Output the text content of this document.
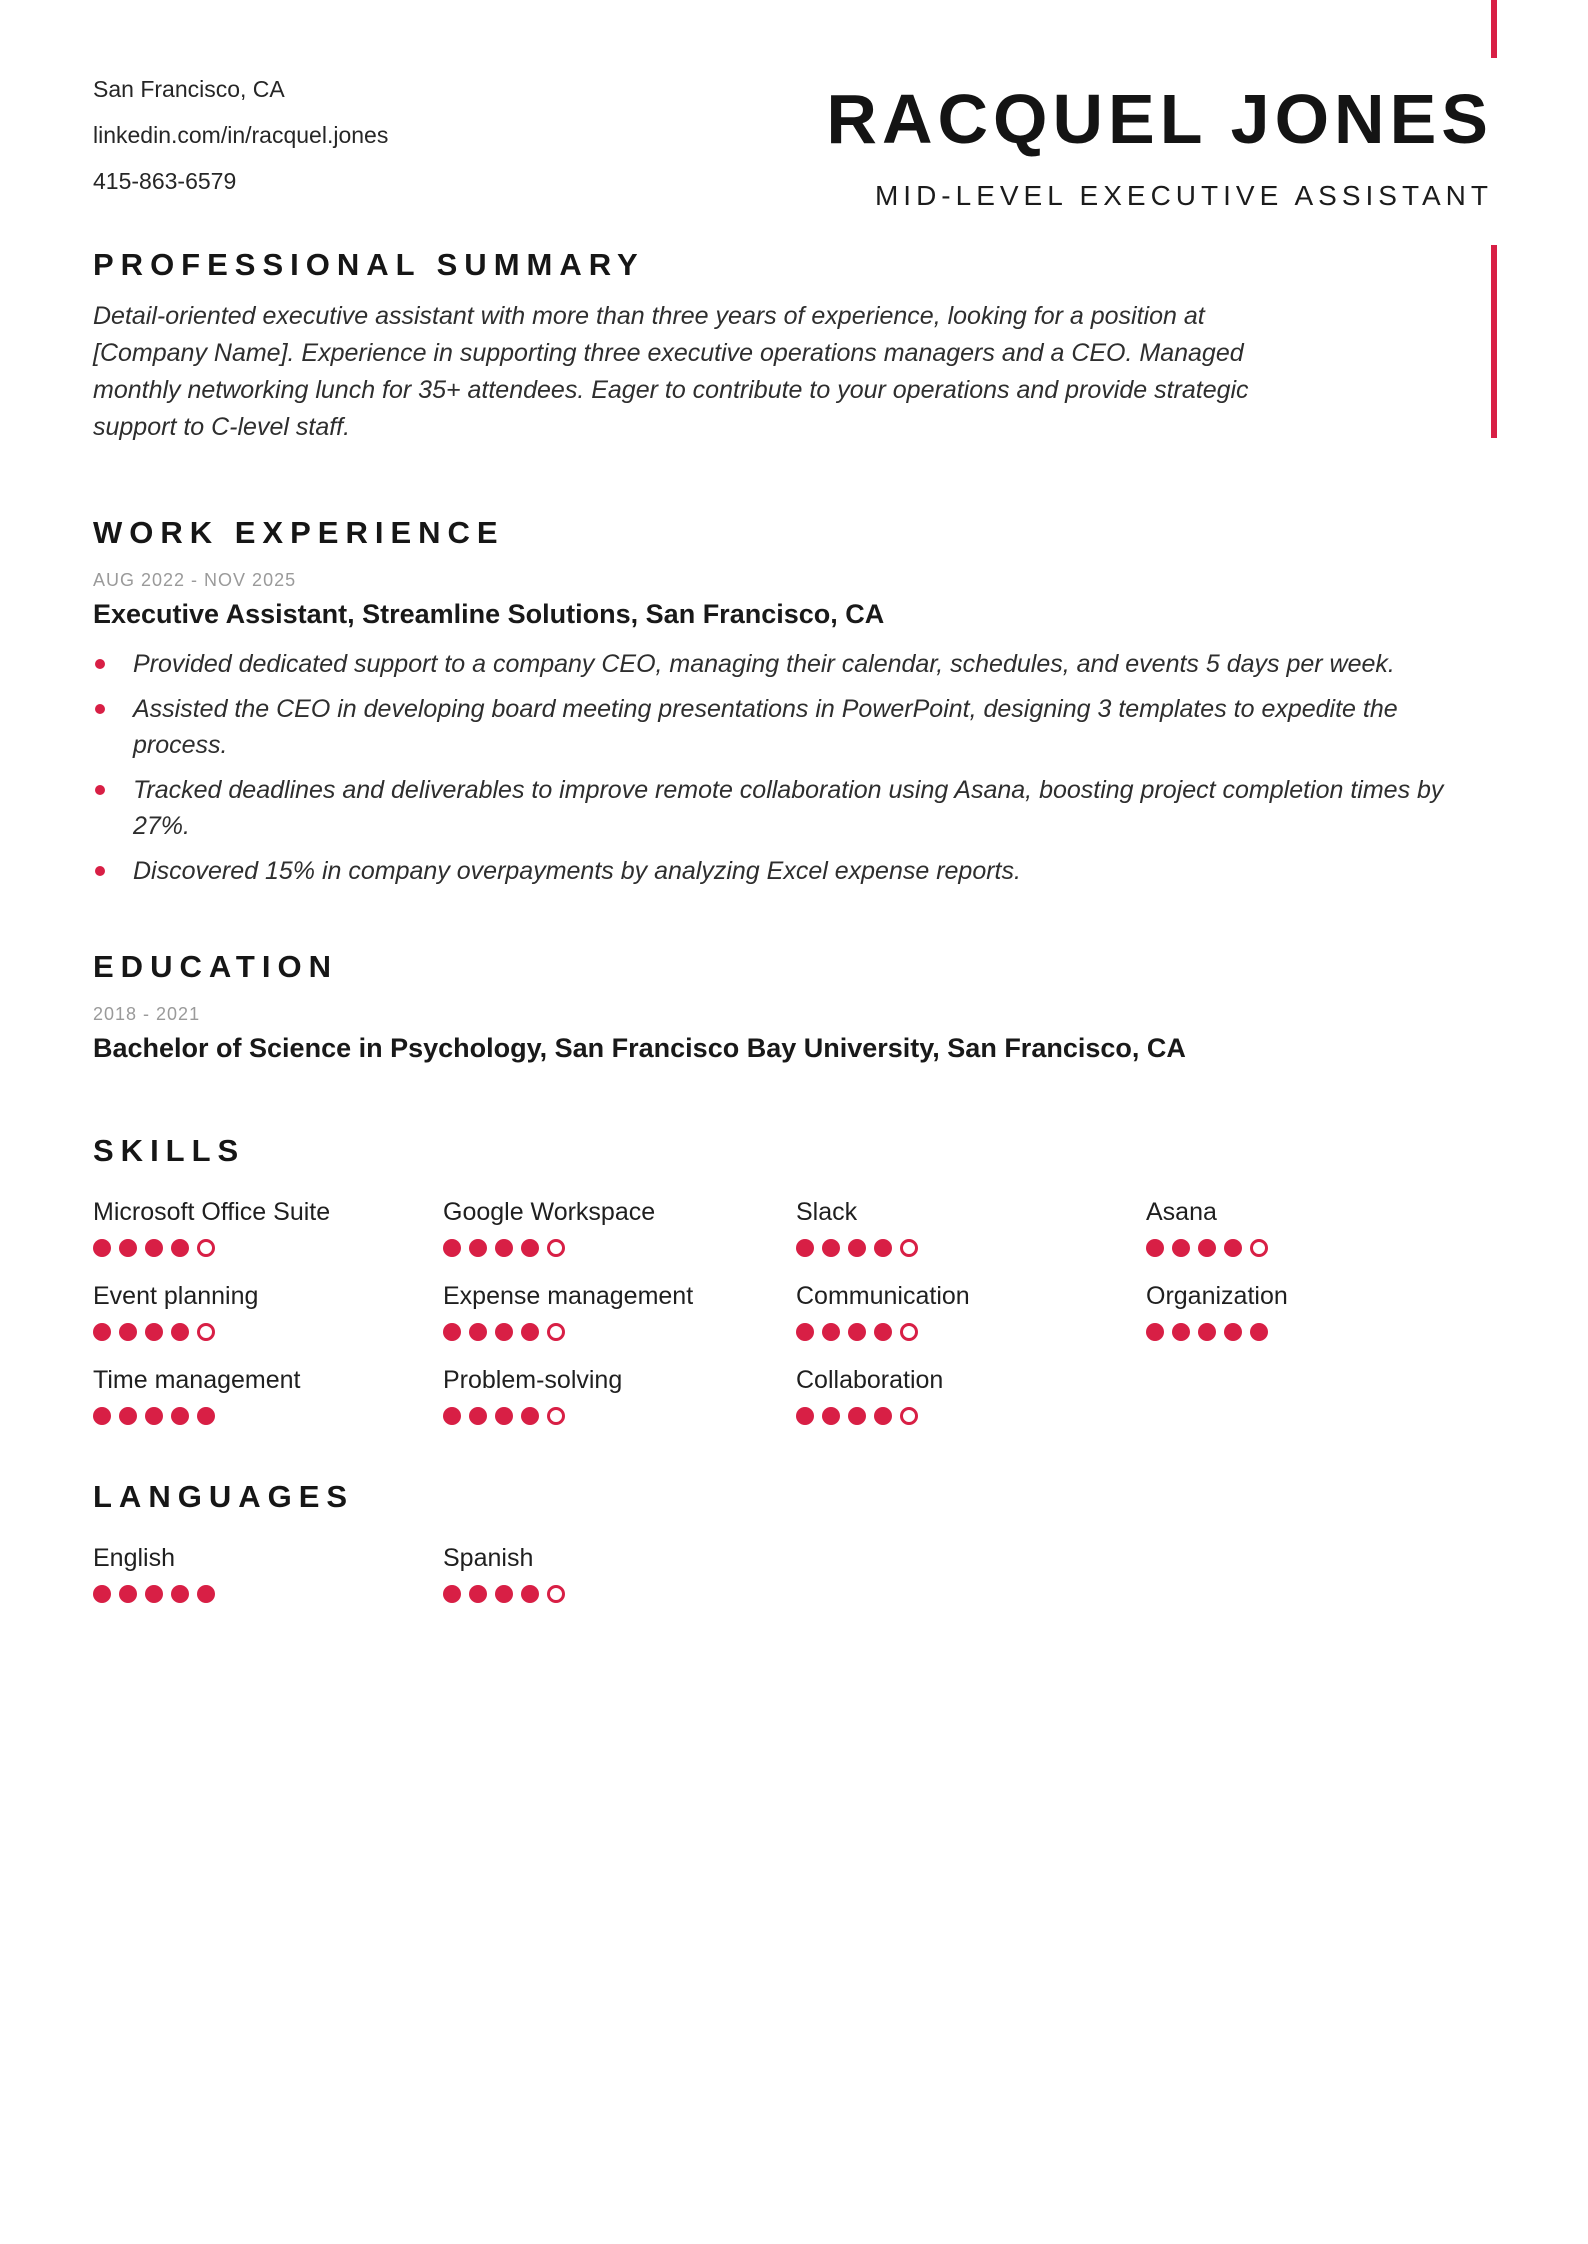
San Francisco, CA
linkedin.com/in/racquel.jones
415-863-6579
RACQUEL JONES
MID-LEVEL EXECUTIVE ASSISTANT
PROFESSIONAL SUMMARY
Detail-oriented executive assistant with more than three years of experience, looking for a position at
[Company Name]. Experience in supporting three executive operations managers and a CEO. Managed
monthly networking lunch for 35+ attendees. Eager to contribute to your operations and provide strategic
support to C-level staff.
WORK EXPERIENCE
AUG 2022 - NOV 2025
Executive Assistant, Streamline Solutions, San Francisco, CA
Provided dedicated support to a company CEO, managing their calendar, schedules, and events 5 days per week.
Assisted the CEO in developing board meeting presentations in PowerPoint, designing 3 templates to expedite the process.
Tracked deadlines and deliverables to improve remote collaboration using Asana, boosting project completion times by 27%.
Discovered 15% in company overpayments by analyzing Excel expense reports.
EDUCATION
2018 - 2021
Bachelor of Science in Psychology, San Francisco Bay University, San Francisco, CA
SKILLS
Microsoft Office Suite	Google Workspace	Slack	Asana
Event planning	Expense management	Communication	Organization
Time management	Problem-solving	Collaboration
LANGUAGES
English	Spanish
